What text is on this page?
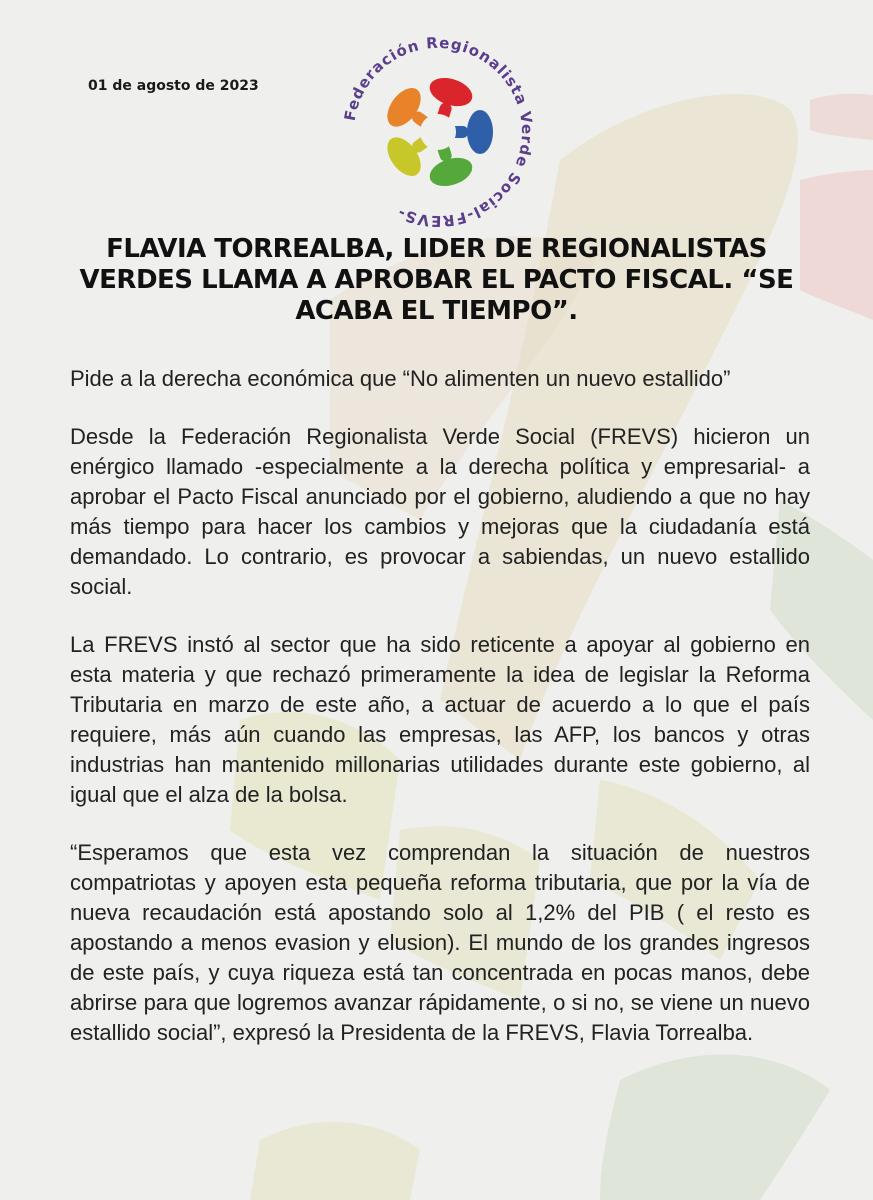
01 de agosto de 2023
Federación Regionalista Verde Social-FREVS-
FLAVIA TORREALBA, LIDER DE REGIONALISTAS VERDES LLAMA A APROBAR EL PACTO FISCAL. “SE ACABA EL TIEMPO”.

Pide a la derecha económica que “No alimenten un nuevo estallido”

Desde la Federación Regionalista Verde Social (FREVS) hicieron un enérgico llamado -especialmente a la derecha política y empresarial- a aprobar el Pacto Fiscal anunciado por el gobierno, aludiendo a que no hay más tiempo para hacer los cambios y mejoras que la ciudadanía está demandado. Lo contrario, es provocar a sabiendas, un nuevo estallido social.

La FREVS instó al sector que ha sido reticente a apoyar al gobierno en esta materia y que rechazó primeramente la idea de legislar la Reforma Tributaria en marzo de este año, a actuar de acuerdo a lo que el país requiere, más aún cuando las empresas, las AFP, los bancos y otras industrias han mantenido millonarias utilidades durante este gobierno, al igual que el alza de la bolsa.

“Esperamos que esta vez comprendan la situación de nuestros compatriotas y apoyen esta pequeña reforma tributaria, que por la vía de nueva recaudación está apostando solo al 1,2% del PIB ( el resto es apostando a menos evasion y elusion). El mundo de los grandes ingresos de este país, y cuya riqueza está tan concentrada en pocas manos, debe abrirse para que logremos avanzar rápidamente, o si no, se viene un nuevo estallido social”, expresó la Presidenta de la FREVS, Flavia Torrealba.
